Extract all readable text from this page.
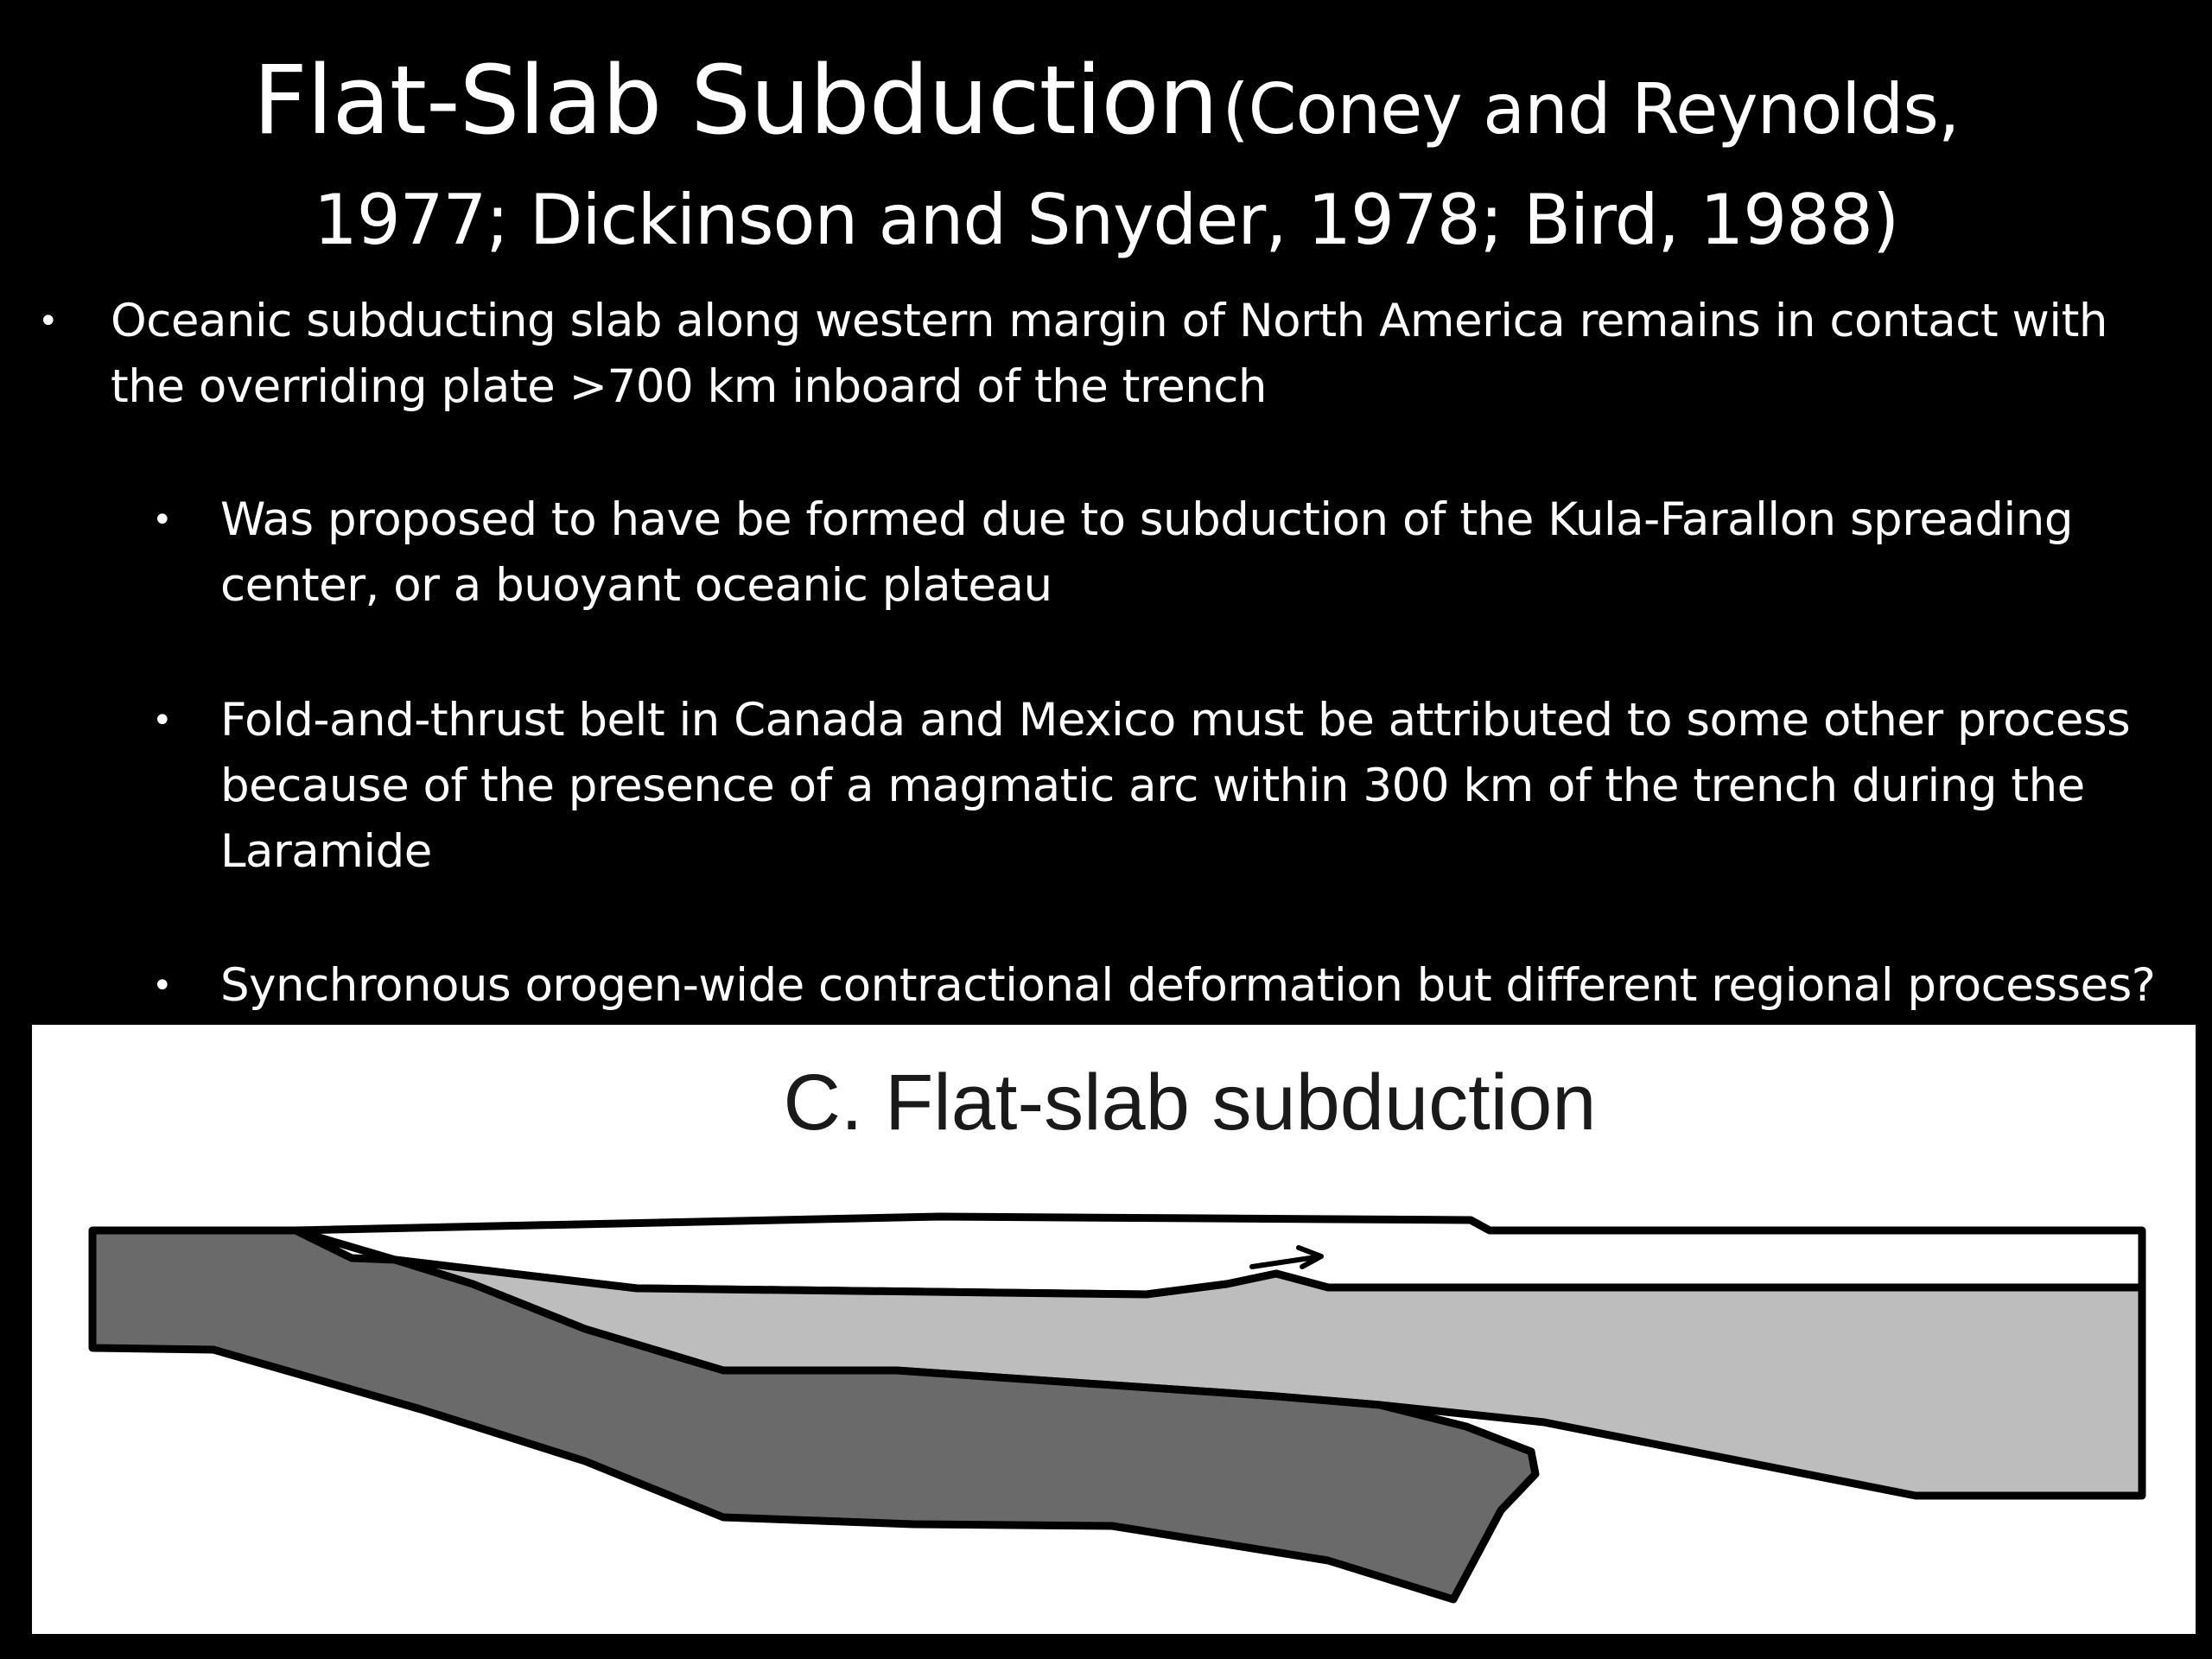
Flat-Slab Subduction (Coney and Reynolds,
1977; Dickinson and Snyder, 1978; Bird, 1988)
• Oceanic subducting slab along western margin of North America remains in contact with
the overriding plate >700 km inboard of the trench
• Was proposed to have be formed due to subduction of the Kula-Farallon spreading
center, or a buoyant oceanic plateau
• Fold-and-thrust belt in Canada and Mexico must be attributed to some other process
because of the presence of a magmatic arc within 300 km of the trench during the
Laramide
• Synchronous orogen-wide contractional deformation but different regional processes?
C. Flat-slab subduction
